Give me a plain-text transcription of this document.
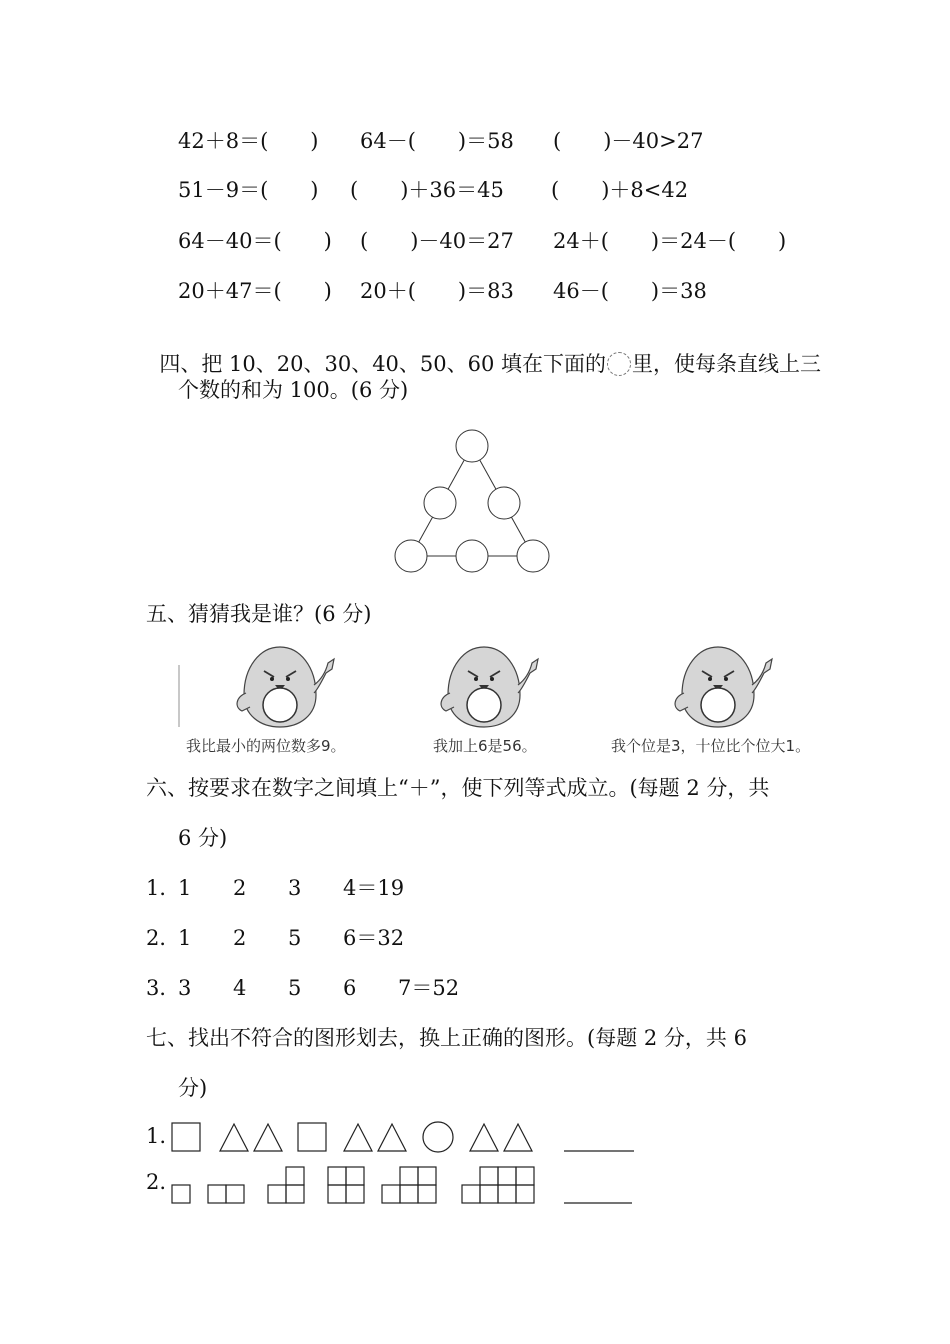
42＋8＝(　　) 64－(　　)＝58 (　　)－40>27
51－9＝(　　) (　　)＋36＝45 (　　)＋8<42
64－40＝(　　) (　　)－40＝27 24＋(　　)＝24－(　　)
20＋47＝(　　) 20＋(　　)＝83 46－(　　)＝38

四、把 10、20、30、40、50、60 填在下面的 里，使每条直线上三

个数的和为 100。(6 分)
五、猜猜我是谁？(6 分)
我比最小的两位数多9。	我加上6是56。	我个位是3，十位比个位大1。
六、按要求在数字之间填上“＋”，使下列等式成立。(每题 2 分，共
6 分)
1．
1 2 3 4＝19
2．
1 2 5 6＝32
3．
3 4 5 6 7＝52
七、找出不符合的图形划去，换上正确的图形。(每题 2 分，共 6
分)
1.
2.
